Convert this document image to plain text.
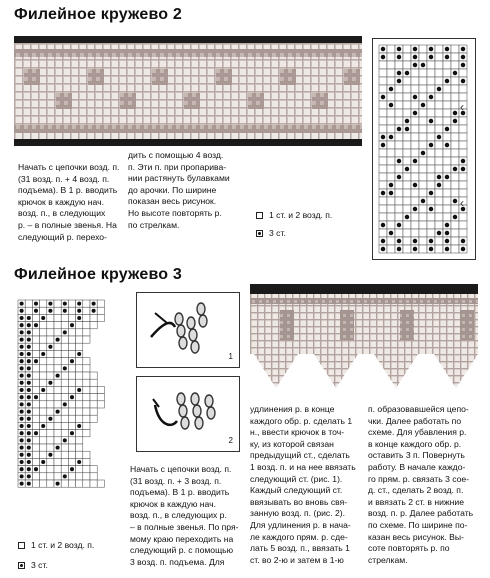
Филейное кружево 2
‹
‹
Начать с цепочки возд. п.
(31 возд. п. + 4 возд. п.
подъема). В 1 р. вводить
крючок в каждую нач.
возд. п., в следующих
р. – в полные звенья. На
следующий р. перехо-
дить с помощью 4 возд.
п. Эти п. при пропарива-
нии растянуть булавками
до арочки. По ширине
показан весь рисунок.
Но высоте повторять р.
по стрелкам.
1 ст. и 2 возд. п.
3 ст.
Филейное кружево 3
1
2
Начать с цепочки возд. п.
(31 возд. п. + 3 возд. п.
подъема). В 1 р. вводить
крючок в каждую нач.
возд. п., в следующих р.
– в полные звенья. По пря-
мому краю переходить на
следующий р. с помощью
3 возд. п. подъема. Для
удлинения р. в конце
каждого обр. р. сделать 1
н., ввести крючок в точ-
ку, из которой связан
предыдущий ст., сделать
1 возд. п. и на нее ввязать
следующий ст. (рис. 1).
Каждый следующий ст.
ввязывать во вновь свя-
занную возд. п. (рис. 2).
Для удлинения р. в нача-
ле каждого прям. р. сде-
лать 5 возд. п., ввязать 1
ст. во 2-ю и затем в 1-ю
п. образовавшейся цепо-
чки. Далее работать по
схеме. Для убавления р.
в конце каждого обр. р.
оставить 3 п. Повернуть
работу. В начале каждо-
го прям. р. связать 3 сое-
д. ст., сделать 2 возд. п.
и ввязать 2 ст. в нижние
возд. п. р. Далее работать
по схеме. По ширине по-
казан весь рисунок. Вы-
соте повторять р. по
стрелкам.
1 ст. и 2 возд. п.
3 ст.
